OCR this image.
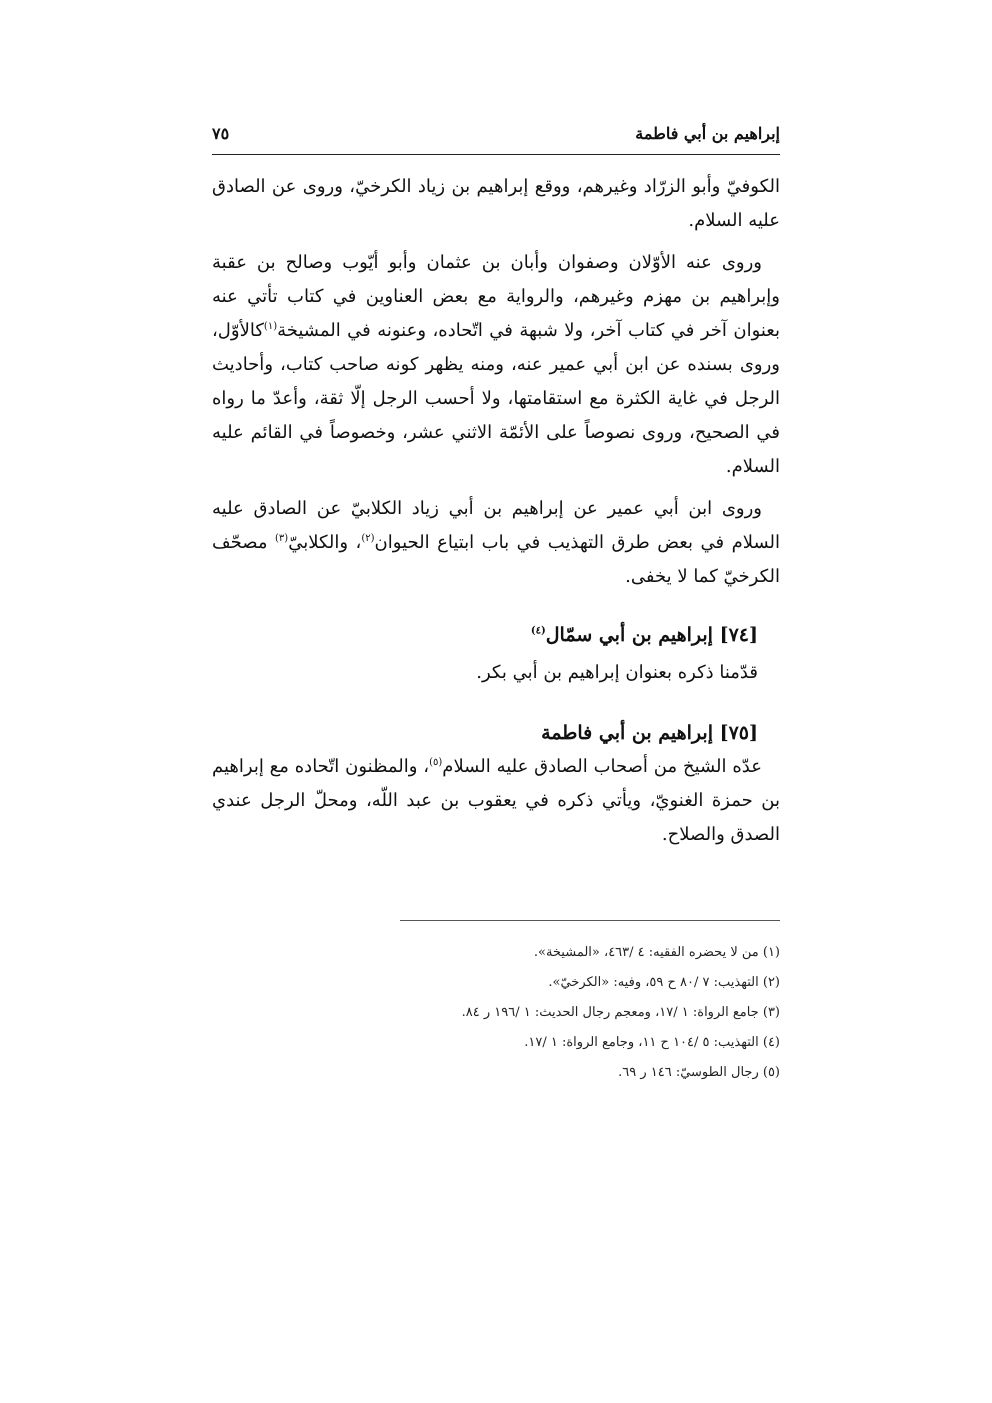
إبراهيم بن أبي فاطمة
٧٥

الكوفيّ وأبو الزرّاد وغيرهم، ووقع إبراهيم بن زياد الكرخيّ، وروى عن الصادق عليه السلام.

وروى عنه الأوّلان وصفوان وأبان بن عثمان وأبو أيّوب وصالح بن عقبة وإبراهيم بن مهزم وغيرهم، والرواية مع بعض العناوين في كتاب تأتي عنه بعنوان آخر في كتاب آخر، ولا شبهة في اتّحاده، وعنونه في المشيخة$^{(١)}$كالأوّل، وروى بسنده عن ابن أبي عمير عنه، ومنه يظهر كونه صاحب كتاب، وأحاديث الرجل في غاية الكثرة مع استقامتها، ولا أحسب الرجل إلّا ثقة، وأعدّ ما رواه في الصحيح، وروى نصوصاً على الأئمّة الاثني عشر، وخصوصاً في القائم عليه السلام.

وروى ابن أبي عمير عن إبراهيم بن أبي زياد الكلابيّ عن الصادق عليه السلام في بعض طرق التهذيب في باب ابتياع الحيوان$^{(٢)}$، والكلابيّ$^{(٣)}$ مصحّف الكرخيّ كما لا يخفى.

[٧٤] إبراهيم بن أبي سمّال$^{(٤)}$

قدّمنا ذكره بعنوان إبراهيم بن أبي بكر.

[٧٥] إبراهيم بن أبي فاطمة

عدّه الشيخ من أصحاب الصادق عليه السلام$^{(٥)}$، والمظنون اتّحاده مع إبراهيم بن حمزة الغنويّ، ويأتي ذكره في يعقوب بن عبد اللّه، ومحلّ الرجل عندي الصدق والصلاح.

(١) من لا يحضره الفقيه: ٤ /٤٦٣، «المشيخة».
(٢) التهذيب: ٧ /٨٠ ح ٥٩، وفيه: «الكرخيّ».
(٣) جامع الرواة: ١ /١٧، ومعجم رجال الحديث: ١ /١٩٦ ر ٨٤.
(٤) التهذيب: ٥ /١٠٤ ح ١١، وجامع الرواة: ١ /١٧.
(٥) رجال الطوسيّ: ١٤٦ ر ٦٩.
